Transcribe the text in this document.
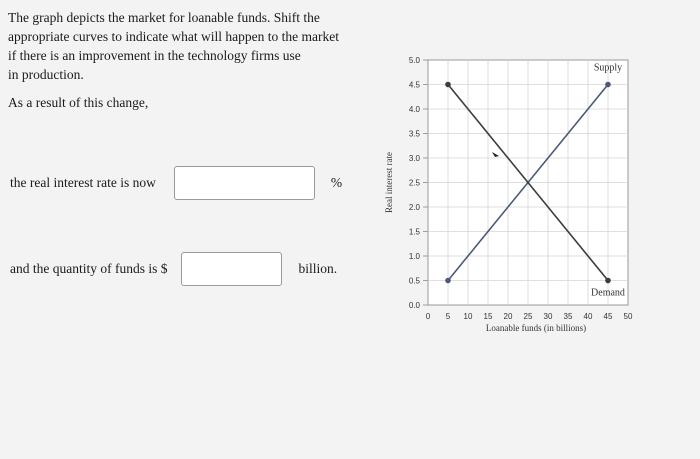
The graph depicts the market for loanable funds. Shift the
appropriate curves to indicate what will happen to the market
if there is an improvement in the technology firms use
in production.

As a result of this change,
the real interest rate is now	%
and the quantity of funds is $	billion.
0 5 10 15 20 25 30 35 40 45 50
0.0
0.5
1.0
1.5
2.0
2.5
3.0
3.5
4.0
4.5
5.0
Supply
Demand
Loanable funds (in billions)
Real interest rate
